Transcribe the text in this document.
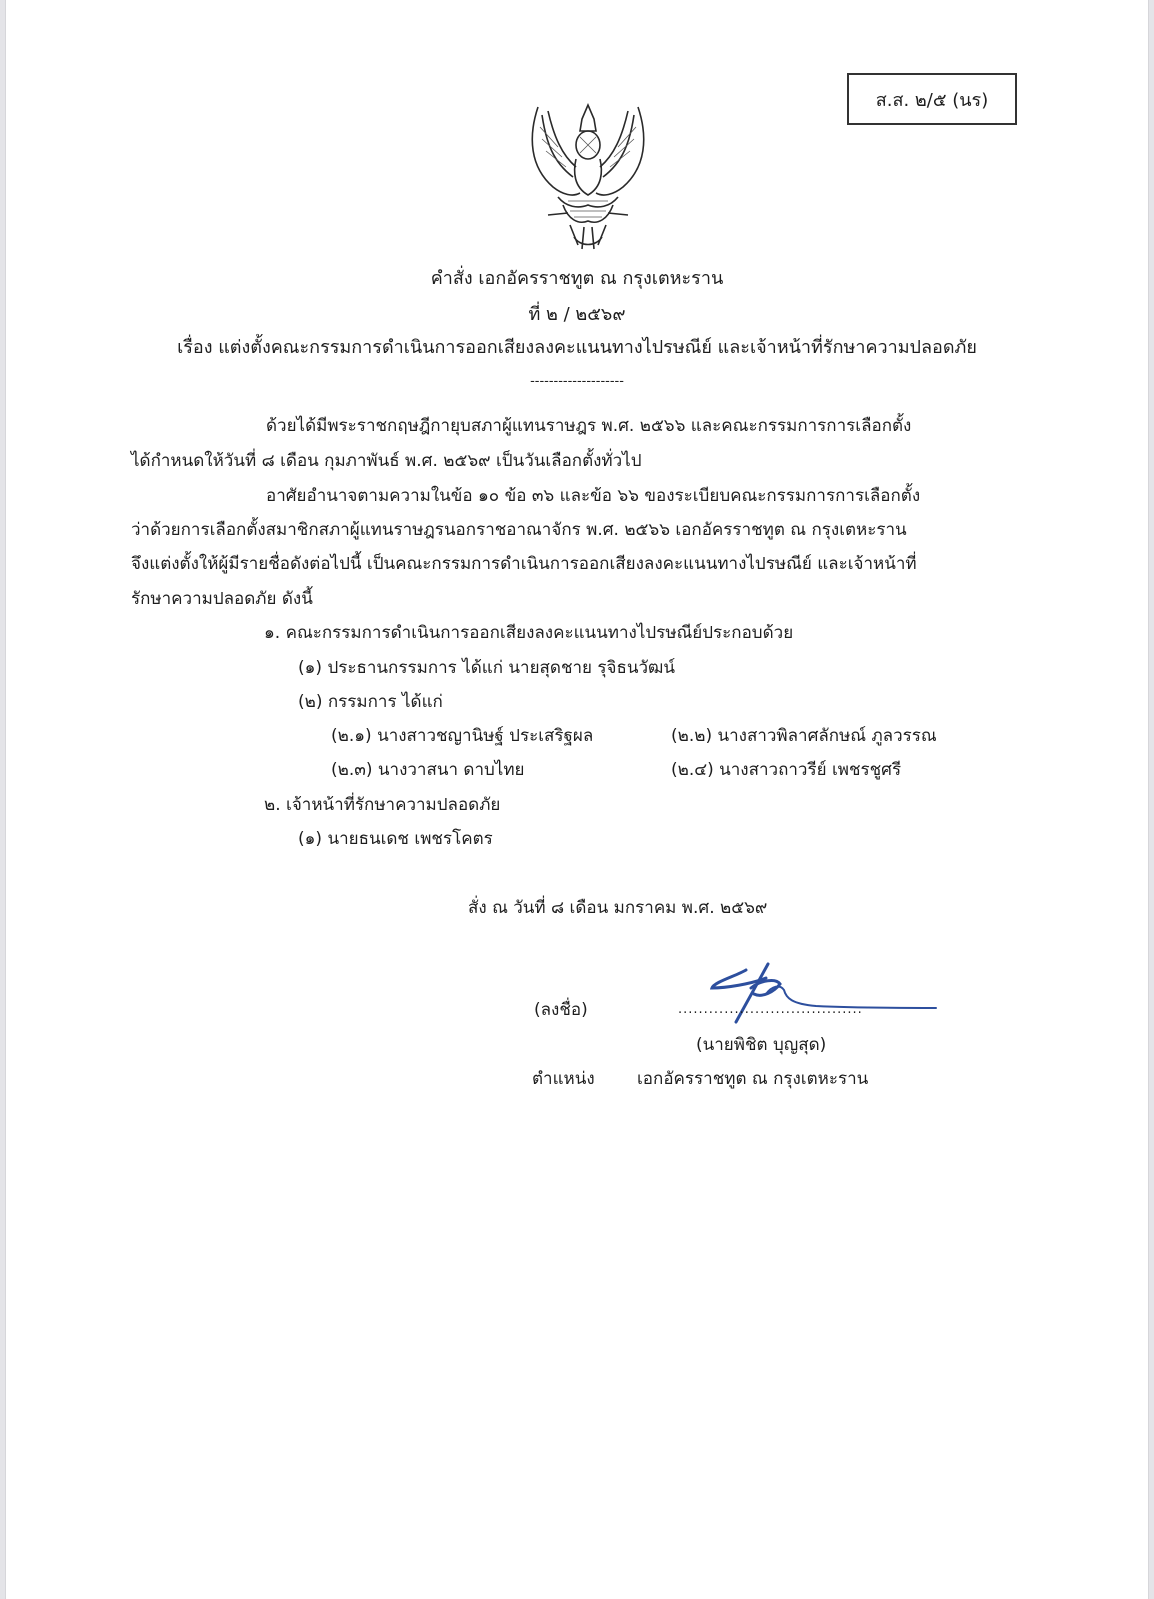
ส.ส. ๒/๕ (นร)
คำสั่ง เอกอัครราชทูต ณ กรุงเตหะราน
ที่ ๒ / ๒๕๖๙
เรื่อง แต่งตั้งคณะกรรมการดำเนินการออกเสียงลงคะแนนทางไปรษณีย์ และเจ้าหน้าที่รักษาความปลอดภัย
--------------------
ด้วยได้มีพระราชกฤษฎีกายุบสภาผู้แทนราษฎร พ.ศ. ๒๕๖๖ และคณะกรรมการการเลือกตั้ง
ได้กำหนดให้วันที่ ๘ เดือน กุมภาพันธ์ พ.ศ. ๒๕๖๙ เป็นวันเลือกตั้งทั่วไป
อาศัยอำนาจตามความในข้อ ๑๐ ข้อ ๓๖ และข้อ ๖๖ ของระเบียบคณะกรรมการการเลือกตั้ง
ว่าด้วยการเลือกตั้งสมาชิกสภาผู้แทนราษฎรนอกราชอาณาจักร พ.ศ. ๒๕๖๖ เอกอัครราชทูต ณ กรุงเตหะราน
จึงแต่งตั้งให้ผู้มีรายชื่อดังต่อไปนี้ เป็นคณะกรรมการดำเนินการออกเสียงลงคะแนนทางไปรษณีย์ และเจ้าหน้าที่
รักษาความปลอดภัย ดังนี้
๑. คณะกรรมการดำเนินการออกเสียงลงคะแนนทางไปรษณีย์ประกอบด้วย
(๑) ประธานกรรมการ ได้แก่ นายสุดชาย รุจิธนวัฒน์
(๒) กรรมการ ได้แก่
(๒.๑) นางสาวชญานิษฐ์ ประเสริฐผล	(๒.๒) นางสาวพิลาศลักษณ์ ภูลวรรณ
(๒.๓) นางวาสนา ดาบไทย	(๒.๔) นางสาวถาวรีย์ เพชรชูศรี
๒. เจ้าหน้าที่รักษาความปลอดภัย
(๑) นายธนเดช เพชรโคตร
สั่ง ณ วันที่ ๘ เดือน มกราคม พ.ศ. ๒๕๖๙
(ลงชื่อ)	....................................
(นายพิชิต บุญสุด)
ตำแหน่ง เอกอัครราชทูต ณ กรุงเตหะราน
